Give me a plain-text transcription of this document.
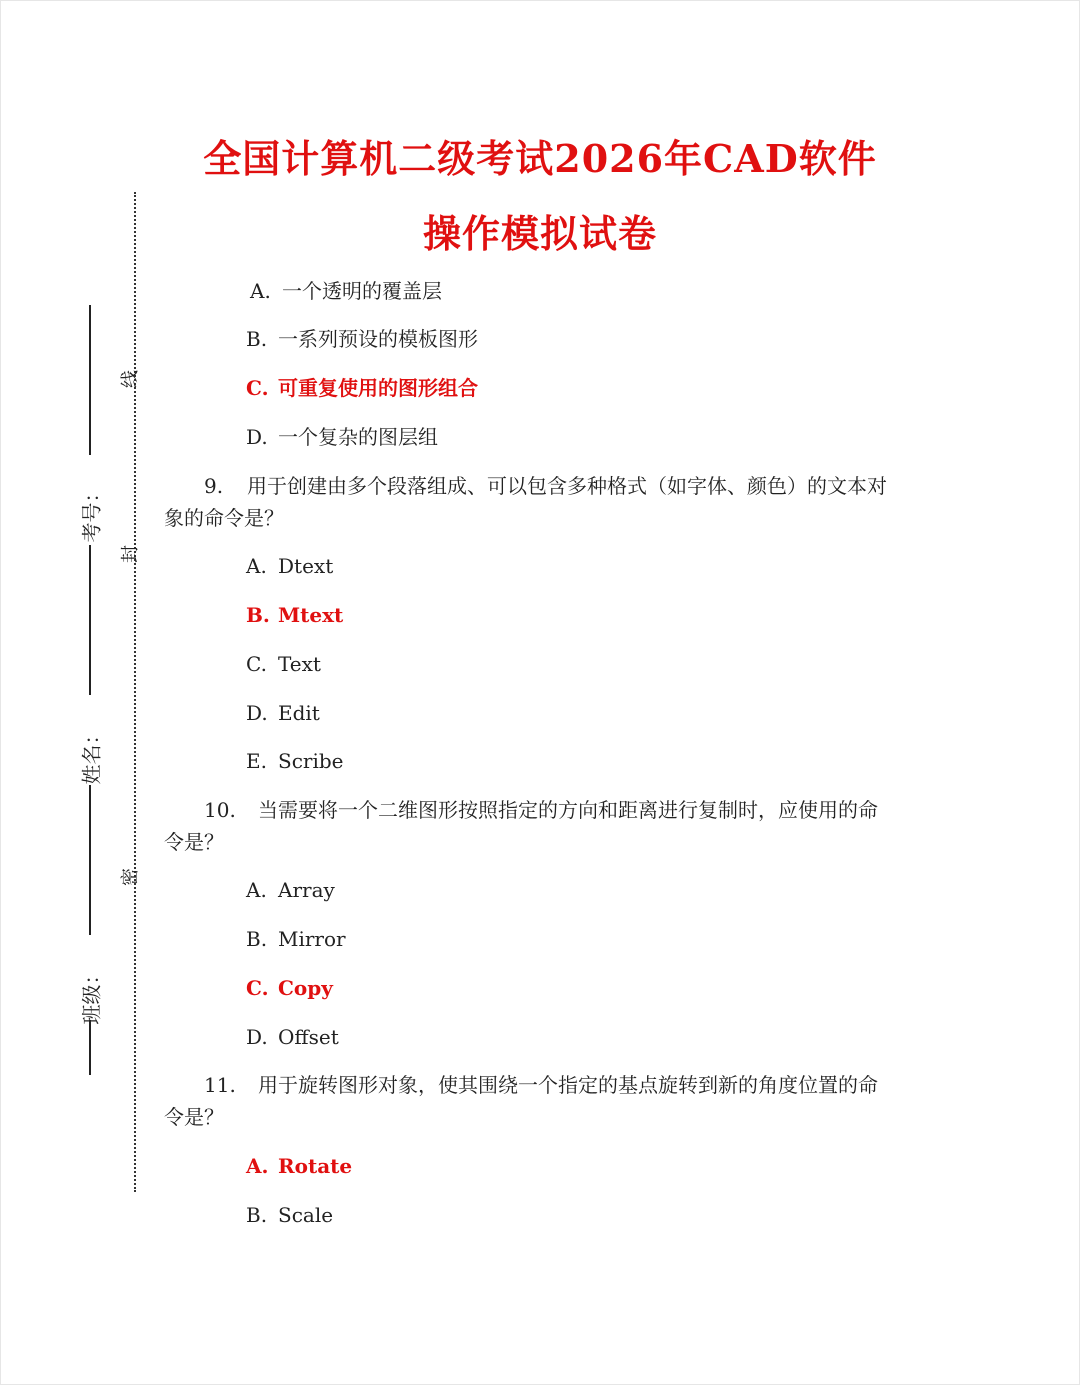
全国计算机二级考试2026年CAD软件
操作模拟试卷
线
封
密
考号：
姓名：
班级：
A. 一个透明的覆盖层
B. 一系列预设的模板图形
C. 可重复使用的图形组合
D. 一个复杂的图层组
9. 用于创建由多个段落组成、可以包含多种格式（如字体、颜色）的文本对
象的命令是？
A. Dtext
B. Mtext
C. Text
D. Edit
E. Scribe
10. 当需要将一个二维图形按照指定的方向和距离进行复制时，应使用的命
令是？
A. Array
B. Mirror
C. Copy
D. Offset
11. 用于旋转图形对象，使其围绕一个指定的基点旋转到新的角度位置的命
令是？
A. Rotate
B. Scale
